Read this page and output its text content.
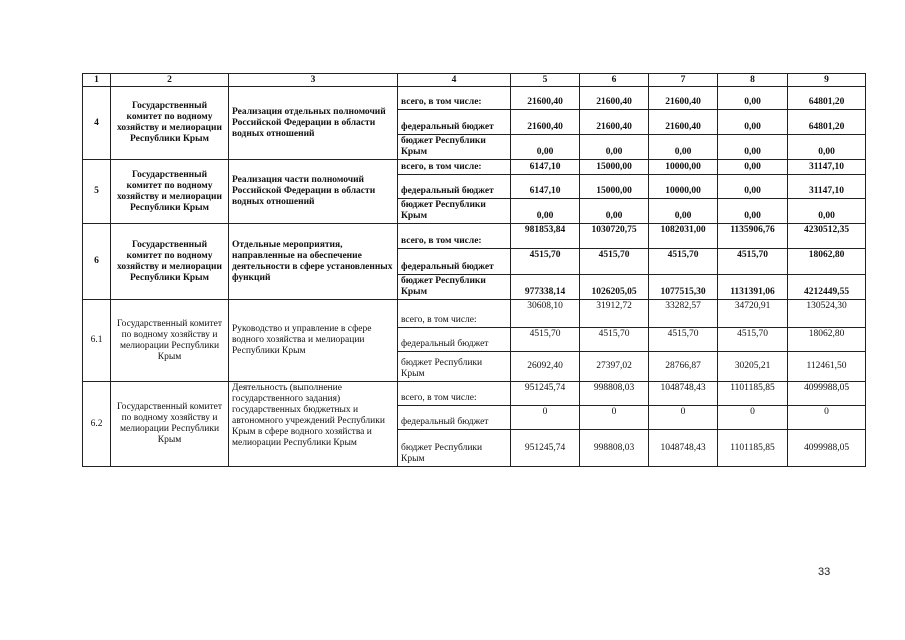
1	2	3	4	5	6	7	8	9
4	Государственный комитет по водному хозяйству и мелиорации Республики Крым	Реализация отдельных полномочий Российской Федерации в области водных отношений	всего, в том числе:	21600,40	21600,40	21600,40	0,00	64801,20
			федеральный бюджет	21600,40	21600,40	21600,40	0,00	64801,20
			бюджет Республики Крым	0,00	0,00	0,00	0,00	0,00
5	Государственный комитет по водному хозяйству и мелиорации Республики Крым	Реализация части полномочий Российской Федерации в области водных отношений	всего, в том числе:	6147,10	15000,00	10000,00	0,00	31147,10
			федеральный бюджет	6147,10	15000,00	10000,00	0,00	31147,10
			бюджет Республики Крым	0,00	0,00	0,00	0,00	0,00
6	Государственный комитет по водному хозяйству и мелиорации Республики Крым	Отдельные мероприятия, направленные на обеспечение деятельности в сфере установленных функций	всего, в том числе:	981853,84	1030720,75	1082031,00	1135906,76	4230512,35
			федеральный бюджет	4515,70	4515,70	4515,70	4515,70	18062,80
			бюджет Республики Крым	977338,14	1026205,05	1077515,30	1131391,06	4212449,55
6.1	Государственный комитет по водному хозяйству и мелиорации Республики Крым	Руководство и управление в сфере водного хозяйства и мелиорации Республики Крым	всего, в том числе:	30608,10	31912,72	33282,57	34720,91	130524,30
			федеральный бюджет	4515,70	4515,70	4515,70	4515,70	18062,80
			бюджет Республики Крым	26092,40	27397,02	28766,87	30205,21	112461,50
6.2	Государственный комитет по водному хозяйству и мелиорации Республики Крым	Деятельность (выполнение государственного задания) государственных бюджетных и автономного учреждений Республики Крым в сфере водного хозяйства и мелиорации Республики Крым	всего, в том числе:	951245,74	998808,03	1048748,43	1101185,85	4099988,05
			федеральный бюджет	0	0	0	0	0
			бюджет Республики Крым	951245,74	998808,03	1048748,43	1101185,85	4099988,05
33
